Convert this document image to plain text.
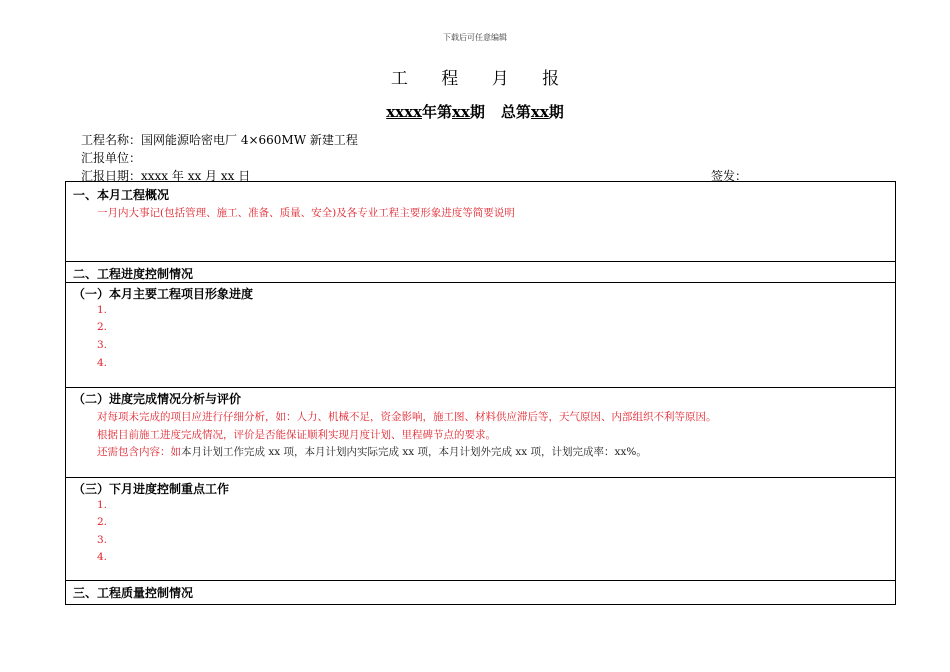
下载后可任意编辑
工 程 月 报
xxxx年第xx期 总第xx期
工程名称：国网能源哈密电厂 4×660MW 新建工程
汇报单位：
汇报日期：xxxx 年 xx 月 xx 日	签发：
一、本月工程概况
一月内大事记(包括管理、施工、准备、质量、安全)及各专业工程主要形象进度等简要说明
二、工程进度控制情况
（一）本月主要工程项目形象进度
1.
2.
3.
4.
（二）进度完成情况分析与评价
对每项未完成的项目应进行仔细分析，如：人力、机械不足，资金影响，施工图、材料供应滞后等，天气原因、内部组织不利等原因。
根据目前施工进度完成情况，评价是否能保证顺利实现月度计划、里程碑节点的要求。
还需包含内容：如本月计划工作完成 xx 项，本月计划内实际完成 xx 项，本月计划外完成 xx 项，计划完成率：xx%。
（三）下月进度控制重点工作
1.
2.
3.
4.
三、工程质量控制情况
